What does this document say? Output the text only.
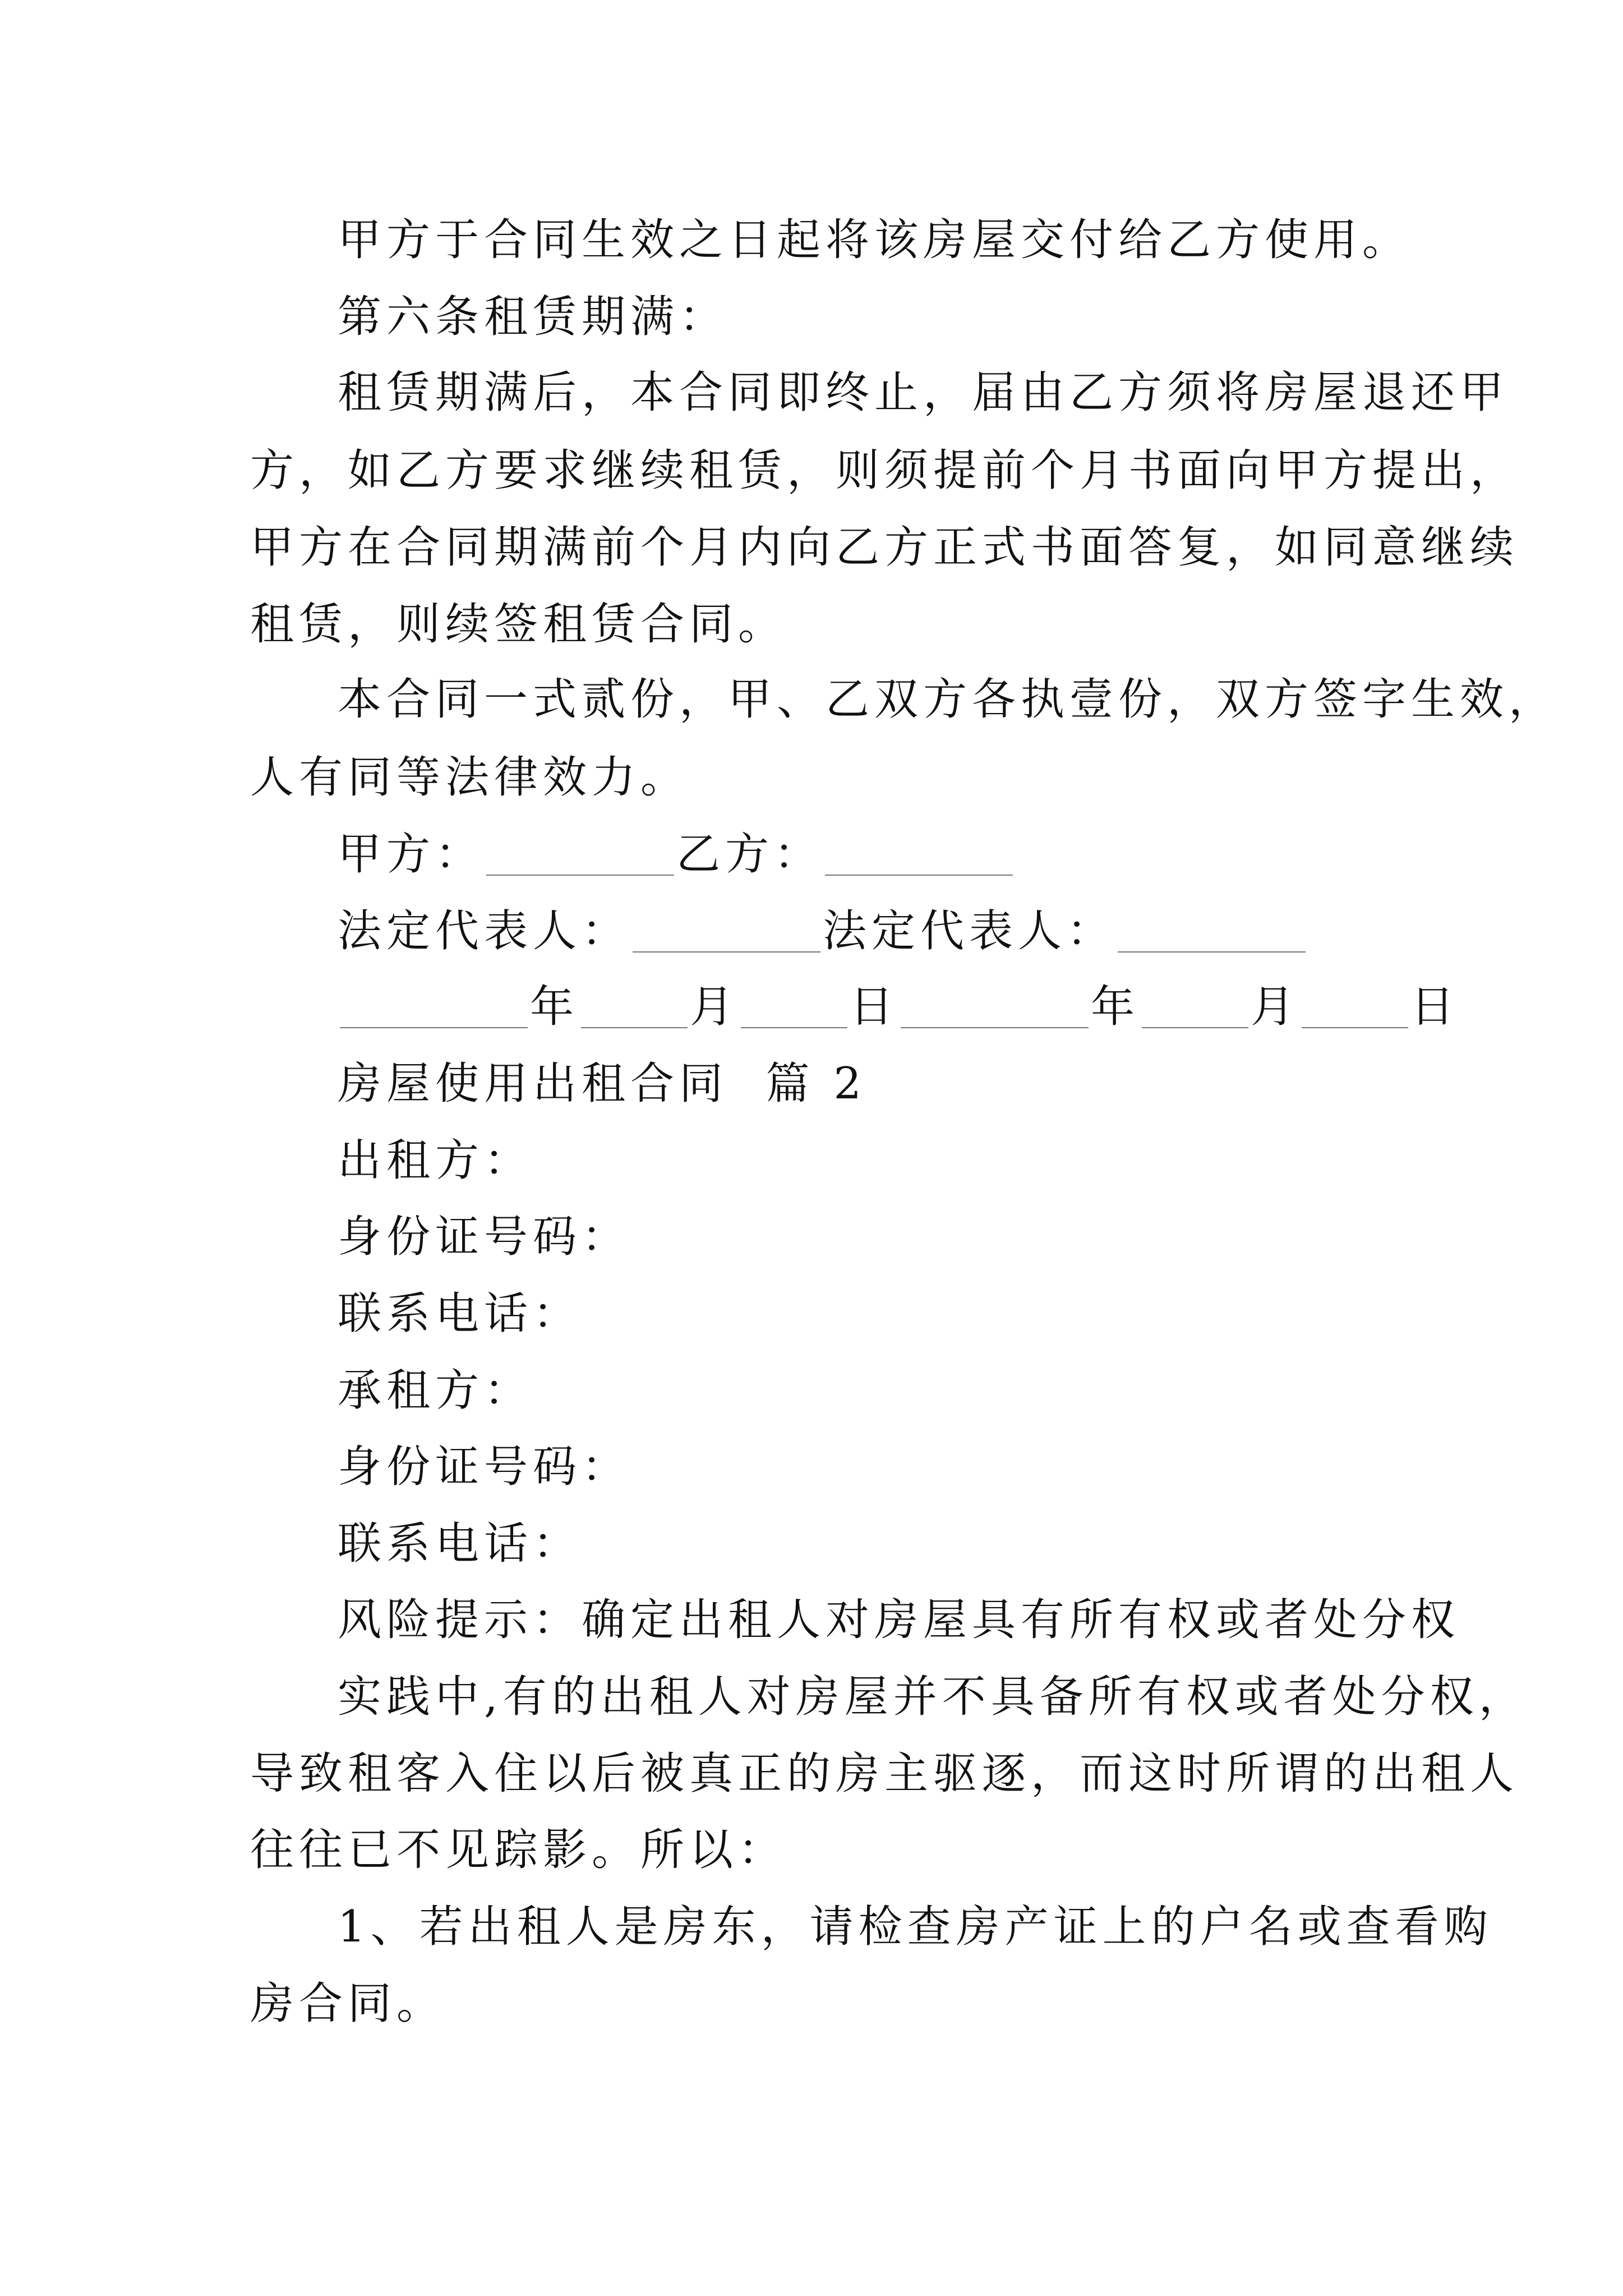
甲方于合同生效之日起将该房屋交付给乙方使用。
第六条租赁期满：
租赁期满后，本合同即终止，届由乙方须将房屋退还甲
方，如乙方要求继续租赁，则须提前个月书面向甲方提出，
甲方在合同期满前个月内向乙方正式书面答复，如同意继续
租赁，则续签租赁合同。
本合同一式贰份，甲、乙双方各执壹份，双方签字生效，
人有同等法律效力。
甲方：	乙方：
法定代表人：	法定代表人：
年	月	日	年	月	日
房屋使用出租合同  篇 2
出租方：
身份证号码：
联系电话：
承租方：
身份证号码：
联系电话：
风险提示：确定出租人对房屋具有所有权或者处分权
实践中,有的出租人对房屋并不具备所有权或者处分权，
导致租客入住以后被真正的房主驱逐，而这时所谓的出租人
往往已不见踪影。所以：
1、若出租人是房东，请检查房产证上的户名或查看购
房合同。
